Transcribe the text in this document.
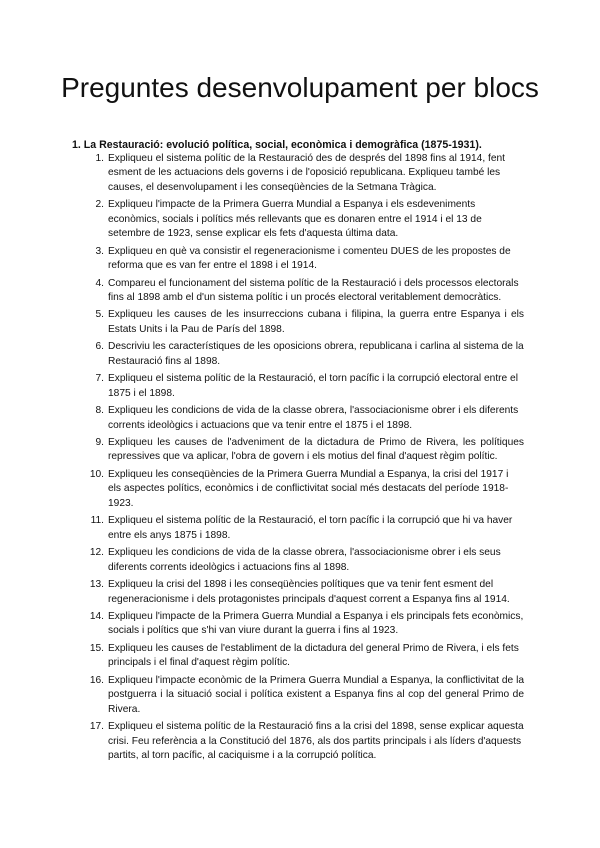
Preguntes desenvolupament per blocs
1. La Restauració: evolució política, social, econòmica i demogràfica (1875-1931).
1. Expliqueu el sistema polític de la Restauració des de després del 1898 fins al 1914, fent esment de les actuacions dels governs i de l'oposició republicana. Expliqueu també les causes, el desenvolupament i les conseqüències de la Setmana Tràgica.
2. Expliqueu l'impacte de la Primera Guerra Mundial a Espanya i els esdeveniments econòmics, socials i polítics més rellevants que es donaren entre el 1914 i el 13 de setembre de 1923, sense explicar els fets d'aquesta última data.
3. Expliqueu en què va consistir el regeneracionisme i comenteu DUES de les propostes de reforma que es van fer entre el 1898 i el 1914.
4. Compareu el funcionament del sistema polític de la Restauració i dels processos electorals fins al 1898 amb el d'un sistema polític i un procés electoral veritablement democràtics.
5. Expliqueu les causes de les insurreccions cubana i filipina, la guerra entre Espanya i els Estats Units i la Pau de París del 1898.
6. Descriviu les característiques de les oposicions obrera, republicana i carlina al sistema de la Restauració fins al 1898.
7. Expliqueu el sistema polític de la Restauració, el torn pacífic i la corrupció electoral entre el 1875 i el 1898.
8. Expliqueu les condicions de vida de la classe obrera, l'associacionisme obrer i els diferents corrents ideològics i actuacions que va tenir entre el 1875 i el 1898.
9. Expliqueu les causes de l'adveniment de la dictadura de Primo de Rivera, les polítiques repressives que va aplicar, l'obra de govern i els motius del final d'aquest règim polític.
10. Expliqueu les conseqüències de la Primera Guerra Mundial a Espanya, la crisi del 1917 i els aspectes polítics, econòmics i de conflictivitat social més destacats del període 1918-1923.
11. Expliqueu el sistema polític de la Restauració, el torn pacífic i la corrupció que hi va haver entre els anys 1875 i 1898.
12. Expliqueu les condicions de vida de la classe obrera, l'associacionisme obrer i els seus diferents corrents ideològics i actuacions fins al 1898.
13. Expliqueu la crisi del 1898 i les conseqüències polítiques que va tenir fent esment del regeneracionisme i dels protagonistes principals d'aquest corrent a Espanya fins al 1914.
14. Expliqueu l'impacte de la Primera Guerra Mundial a Espanya i els principals fets econòmics, socials i polítics que s'hi van viure durant la guerra i fins al 1923.
15. Expliqueu les causes de l'establiment de la dictadura del general Primo de Rivera, i els fets principals i el final d'aquest règim polític.
16. Expliqueu l'impacte econòmic de la Primera Guerra Mundial a Espanya, la conflictivitat de la postguerra i la situació social i política existent a Espanya fins al cop del general Primo de Rivera.
17. Expliqueu el sistema polític de la Restauració fins a la crisi del 1898, sense explicar aquesta crisi. Feu referència a la Constitució del 1876, als dos partits principals i als líders d'aquests partits, al torn pacífic, al caciquisme i a la corrupció política.
